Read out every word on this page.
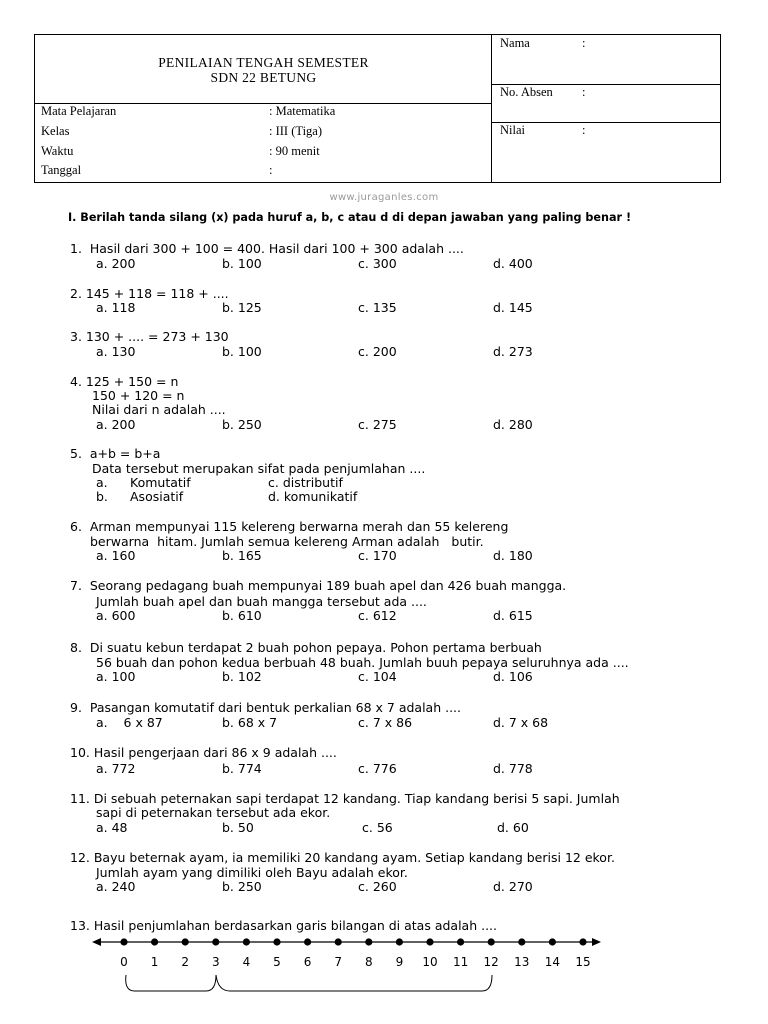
PENILAIAN TENGAH SEMESTER
SDN 22 BETUNG
Mata Pelajaran	: Matematika
Kelas	: III (Tiga)
Waktu	: 90 menit
Tanggal	:
Nama	:
No. Absen :
Nilai	:
www.juraganles.com
I. Berilah tanda silang (x) pada huruf a, b, c atau d di depan jawaban yang paling benar !
1.  Hasil dari 300 + 100 = 400. Hasil dari 100 + 300 adalah ....
a. 200	b. 100	c. 300	d. 400
2. 145 + 118 = 118 + ....
a. 118	b. 125	c. 135	d. 145
3. 130 + .... = 273 + 130
a. 130	b. 100	c. 200	d. 273
4. 125 + 150 = n
150 + 120 = n
Nilai dari n adalah ....
a. 200	b. 250	c. 275	d. 280
5.  a+b = b+a
Data tersebut merupakan sifat pada penjumlahan ....
a. Komutatif	c. distributif
b. Asosiatif	d. komunikatif
6.  Arman mempunyai 115 kelereng berwarna merah dan 55 kelereng
berwarna  hitam. Jumlah semua kelereng Arman adalah   butir.
a. 160	b. 165	c. 170	d. 180
7.  Seorang pedagang buah mempunyai 189 buah apel dan 426 buah mangga.
Jumlah buah apel dan buah mangga tersebut ada ....
a. 600	b. 610	c. 612	d. 615
8.  Di suatu kebun terdapat 2 buah pohon pepaya. Pohon pertama berbuah
56 buah dan pohon kedua berbuah 48 buah. Jumlah buuh pepaya seluruhnya ada ....
a. 100	b. 102	c. 104	d. 106
9.  Pasangan komutatif dari bentuk perkalian 68 x 7 adalah ....
a.    6 x 87	b. 68 x 7	c. 7 x 86	d. 7 x 68
10. Hasil pengerjaan dari 86 x 9 adalah ....
a. 772	b. 774	c. 776	d. 778
11. Di sebuah peternakan sapi terdapat 12 kandang. Tiap kandang berisi 5 sapi. Jumlah
sapi di peternakan tersebut ada ekor.
a. 48	b. 50	c. 56	d. 60
12. Bayu beternak ayam, ia memiliki 20 kandang ayam. Setiap kandang berisi 12 ekor.
Jumlah ayam yang dimiliki oleh Bayu adalah ekor.
a. 240	b. 250	c. 260	d. 270
13. Hasil penjumlahan berdasarkan garis bilangan di atas adalah ....
0 1 2 3 4 5 6 7 8 9 10 11 12 13 14 15
